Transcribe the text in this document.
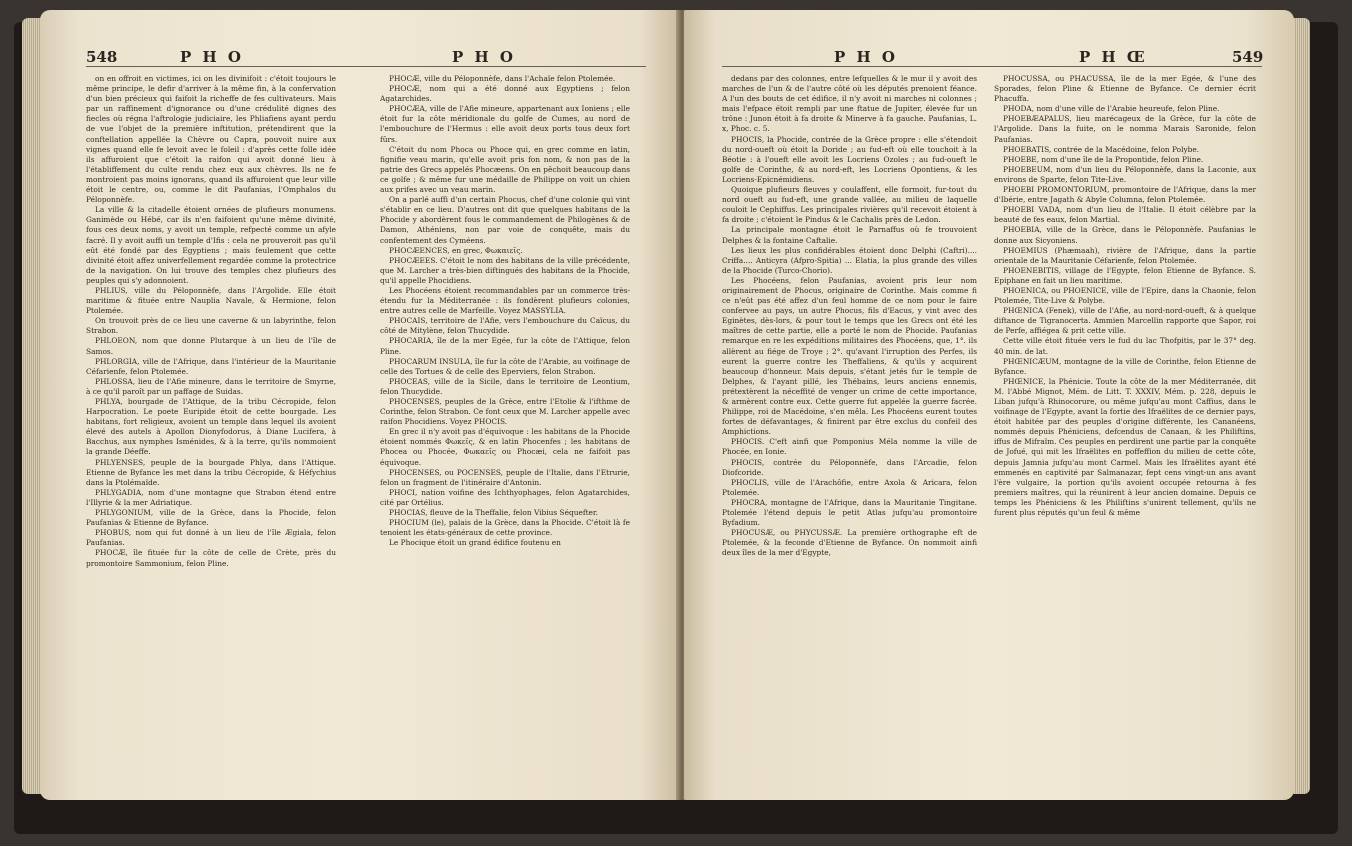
548	P H O	P H O

on en offroit en victimes, ici on les divinifoit : c'étoit toujours le même principe, le defir d'arriver à la même fin, à la confervation d'un bien précieux qui faifoit la richeffe de fes cultivateurs. Mais par un raffinement d'ignorance ou d'une crédulité dignes des fiecles où régna l'aftrologie judiciaire, les Phliafiens ayant perdu de vue l'objet de la première inftitution, prétendirent que la conftellation appellée la Chèvre ou Capra, pouvoit nuire aux vignes quand elle fe levoit avec le foleil : d'après cette folle idée ils affuroient que c'étoit la raifon qui avoit donné lieu à l'établiffement du culte rendu chez eux aux chèvres. Ils ne fe montroient pas moins ignorans, quand ils affuroient que leur ville étoit le centre, ou, comme le dit Paufanias, l'Omphalos du Péloponnèfe.

La ville & la citadelle étoient ornées de plufieurs monumens. Ganimède ou Hébé, car ils n'en faifoient qu'une même divinité, fous ces deux noms, y avoit un temple, refpecté comme un afyle facré. Il y avoit auffi un temple d'Ifis : cela ne prouveroit pas qu'il eût été fondé par des Egyptiens ; mais feulement que cette divinité étoit affez univerfellement regardée comme la protectrice de la navigation. On lui trouve des temples chez plufieurs des peuples qui s'y adonnoient.

PHLIUS, ville du Péloponnèfe, dans l'Argolide. Elle étoit maritime & fituée entre Nauplia Navale, & Hermione, felon Ptolemée.

On trouvoit près de ce lieu une caverne & un labyrinthe, felon Strabon.

PHLOEON, nom que donne Plutarque à un lieu de l'île de Samos.

PHLORGIA, ville de l'Afrique, dans l'intérieur de la Mauritanie Céfarienfe, felon Ptolemée.

PHLOSSA, lieu de l'Afie mineure, dans le territoire de Smyrne, à ce qu'il paroît par un paffage de Suidas.

PHLYA, bourgade de l'Attique, de la tribu Cécropide, felon Harpocration. Le poete Euripide étoit de cette bourgade. Les habitans, fort religieux, avoient un temple dans lequel ils avoient élevé des autels à Apollon Dionyfodorus, à Diane Lucifera, à Bacchus, aux nymphes Isménides, & à la terre, qu'ils nommoient la grande Déeffe.

PHLYENSES, peuple de la bourgade Phlya, dans l'Attique. Etienne de Byfance les met dans la tribu Cécropide, & Héfychius dans la Ptolémaïde.

PHLYGADIA, nom d'une montagne que Strabon étend entre l'Illyrie & la mer Adriatique.

PHLYGONIUM, ville de la Grèce, dans la Phocide, felon Paufanias & Etienne de Byfance.

PHOBUS, nom qui fut donné à un lieu de l'île Ægiala, felon Paufanias.

PHOCÆ, île fituée fur la côte de celle de Crète, près du promontoire Sammonium, felon Pline.

PHOCÆ, ville du Péloponnèfe, dans l'Achaïe felon Ptolemée.

PHOCÆ, nom qui a été donné aux Egyptiens ; felon Agatarchides.

PHOCÆA, ville de l'Afie mineure, appartenant aux Ioniens ; elle étoit fur la côte méridionale du golfe de Cumes, au nord de l'embouchure de l'Hermus : elle avoit deux ports tous deux fort fûrs.

C'étoit du nom Phoca ou Phoce qui, en grec comme en latin, fignifie veau marin, qu'elle avoit pris fon nom, & non pas de la patrie des Grecs appelés Phocæens. On en pêchoit beaucoup dans ce golfe ; & même fur une médaille de Philippe on voit un chien aux prifes avec un veau marin.

On a parlé auffi d'un certain Phocus, chef d'une colonie qui vint s'établir en ce lieu. D'autres ont dit que quelques habitans de la Phocide y abordèrent fous le commandement de Philogènes & de Damon, Athéniens, non par voie de conquête, mais du confentement des Cyméens.

PHOCÆENCES, en grec, Φωκαιεῖς.

PHOCÆEES. C'étoit le nom des habitans de la ville précédente, que M. Larcher a très-bien diftingués des habitans de la Phocide, qu'il appelle Phocidiens.

Les Phocéens étoient recommandables par un commerce très-étendu fur la Méditerranée : ils fondèrent plufieurs colonies, entre autres celle de Marfeille. Voyez MASSYLIA.

PHOCAIS, territoire de l'Afie, vers l'embouchure du Caïcus, du côté de Mitylène, felon Thucydide.

PHOCARIA, île de la mer Egée, fur la côte de l'Attique, felon Pline.

PHOCARUM INSULA, île fur la côte de l'Arabie, au voifinage de celle des Tortues & de celle des Eperviers, felon Strabon.

PHOCEAS, ville de la Sicile, dans le territoire de Leontium, felon Thucydide.

PHOCENSES, peuples de la Grèce, entre l'Etolie & l'ifthme de Corinthe, felon Strabon. Ce font ceux que M. Larcher appelle avec raifon Phocidiens. Voyez PHOCIS.

En grec il n'y avoit pas d'équivoque : les habitans de la Phocide étoient nommés Φωκεῖς, & en latin Phocenfes ; les habitans de Phocea ou Phocée, Φωκαεῖς ou Phocæi, cela ne faifoit pas équivoque.

PHOCENSES, ou POCENSES, peuple de l'Italie, dans l'Etrurie, felon un fragment de l'itinéraire d'Antonin.

PHOCI, nation voifine des Ichthyophages, felon Agatarchides, cité par Ortélius.

PHOCIAS, fleuve de la Theffalie, felon Vibius Séquefter.

PHOCIUM (le), palais de la Grèce, dans la Phocide. C'étoit là fe tenoient les états-généraux de cette province.

Le Phocique étoit un grand édifice foutenu en

P H O	P H Œ	549

dedans par des colonnes, entre lefquelles & le mur il y avoit des marches de l'un & de l'autre côté où les députés prenoient féance. A l'un des bouts de cet édifice, il n'y avoit ni marches ni colonnes ; mais l'efpace étoit rempli par une ftatue de Jupiter, élevée fur un trône : Junon étoit à fa droite & Minerve à fa gauche. Paufanias, L. x, Phoc. c. 5.

PHOCIS, la Phocide, contrée de la Grèce propre : elle s'étendoit du nord-oueft où étoit la Doride ; au fud-eft où elle touchoit à la Béotie : à l'oueft elle avoit les Locriens Ozoles ; au fud-oueft le golfe de Corinthe, & au nord-eft, les Locriens Opontiens, & les Locriens-Epicnémidiens.

Quoique plufieurs fleuves y coulaffent, elle formoit, fur-tout du nord oueft au fud-eft, une grande vallée, au milieu de laquelle couloit le Cephiffus. Les principales rivières qu'il recevoit étoient à fa droite ; c'étoient le Pindus & le Cachalis près de Ledon.

La principale montagne étoit le Parnaffus où fe trouvoient Delphes & la fontaine Caftalie.

Les lieux les plus confidérables étoient donc Delphi (Caftri).... Criffa.... Anticyra (Afpro-Spitia) ... Elatia, la plus grande des villes de la Phocide (Turco-Chorio).

Les Phocéens, felon Paufanias, avoient pris leur nom originairement de Phocus, originaire de Corinthe. Mais comme fi ce n'eût pas été affez d'un feul homme de ce nom pour le faire confervee au pays, un autre Phocus, fils d'Eacus, y vint avec des Eginètes, dès-lors, & pour tout le temps que les Grecs ont été les maîtres de cette partie, elle a porté le nom de Phocide. Paufanias remarque en re les expéditions militaires des Phocéens, que, 1°. ils allèrent au fiége de Troye ; 2°. qu'avant l'irruption des Perfes, ils eurent la guerre contre les Theffaliens, & qu'ils y acquirent beaucoup d'honneur. Mais depuis, s'étant jetés fur le temple de Delphes, & l'ayant pillé, les Thébains, leurs anciens ennemis, prétextèrent la néceffité de venger un crime de cette importance, & armèrent contre eux. Cette guerre fut appelée la guerre facrée. Philippe, roi de Macédoine, s'en mêla. Les Phocéens eurent toutes fortes de défavantages, & finirent par être exclus du confeil des Amphictions.

PHOCIS. C'eft ainfi que Pomponius Méla nomme la ville de Phocée, en Ionie.

PHOCIS, contrée du Péloponnèfe, dans l'Arcadie, felon Diofcoride.

PHOCLIS, ville de l'Arachôfie, entre Axola & Aricara, felon Ptolemée.

PHOCRA, montagne de l'Afrique, dans la Mauritanie Tingitane. Ptolemée l'étend depuis le petit Atlas jufqu'au promontoire Byfadium.

PHOCUSÆ, ou PHYCUSSÆ. La première orthographe eft de Ptolemée, & la feconde d'Etienne de Byfance. On nommoit ainfi deux îles de la mer d'Egypte,

PHOCUSSA, ou PHACUSSA, île de la mer Egée, & l'une des Sporades, felon Pline & Etienne de Byfance. Ce dernier écrit Phacuffa.

PHODA, nom d'une ville de l'Arabie heureufe, felon Pline.

PHOEBÆAPALUS, lieu marécageux de la Grèce, fur la côte de l'Argolide. Dans la fuite, on le nomma Marais Saronide, felon Paufanias.

PHOEBATIS, contrée de la Macédoine, felon Polybe.

PHOEBE, nom d'une île de la Propontide, felon Pline.

PHOEBEUM, nom d'un lieu du Péloponnèfe, dans la Laconie, aux environs de Sparte, felon Tite-Live.

PHOEBI PROMONTORIUM, promontoire de l'Afrique, dans la mer d'Ibérie, entre Jagath & Abyle Columna, felon Ptolemée.

PHOEBI VADA, nom d'un lieu de l'Italie. Il étoit célèbre par la beauté de fes eaux, felon Martial.

PHOEBIA, ville de la Grèce, dans le Péloponnèfe. Paufanias le donne aux Sicyoniens.

PHOEMIUS (Phæmaah), rivière de l'Afrique, dans la partie orientale de la Mauritanie Céfarienfe, felon Ptolemée.

PHOENEBITIS, village de l'Egypte, felon Etienne de Byfance. S. Epiphane en fait un lieu maritime.

PHOENICA, ou PHOENICE, ville de l'Epire, dans la Chaonie, felon Ptolemée, Tite-Live & Polybe.

PHŒNICA (Fenek), ville de l'Afie, au nord-nord-oueft, & à quelque diftance de Tigranocerta. Ammien Marcellin rapporte que Sapor, roi de Perfe, affiégea & prit cette ville.

Cette ville étoit fituée vers le fud du lac Thofpitis, par le 37° deg. 40 min. de lat.

PHŒNICÆUM, montagne de la ville de Corinthe, felon Etienne de Byfance.

PHŒNICE, la Phénicie. Toute la côte de la mer Méditerranée, dit M. l'Abbé Mignot, Mém. de Litt. T. XXXIV, Mém. p. 228, depuis le Liban jufqu'à Rhinocorure, ou même jufqu'au mont Caffius, dans le voifinage de l'Egypte, avant la fortie des Ifraëlites de ce dernier pays, étoit habitée par des peuples d'origine différente, les Cananéens, nommés depuis Phéniciens, defcendus de Canaan, & les Philiftins, iffus de Mifraïm. Ces peuples en perdirent une partie par la conquête de Jofué, qui mit les Ifraëlites en poffeffion du milieu de cette côte, depuis Jamnia jufqu'au mont Carmel. Mais les Ifraëlites ayant été emmenés en captivité par Salmanazar, fept cens vingt-un ans avant l'ère vulgaire, la portion qu'ils avoient occupée retourna à fes premiers maîtres, qui la réunirent à leur ancien domaine. Depuis ce temps les Phéniciens & les Philiftins s'unirent tellement, qu'ils ne furent plus réputés qu'un feul & même
